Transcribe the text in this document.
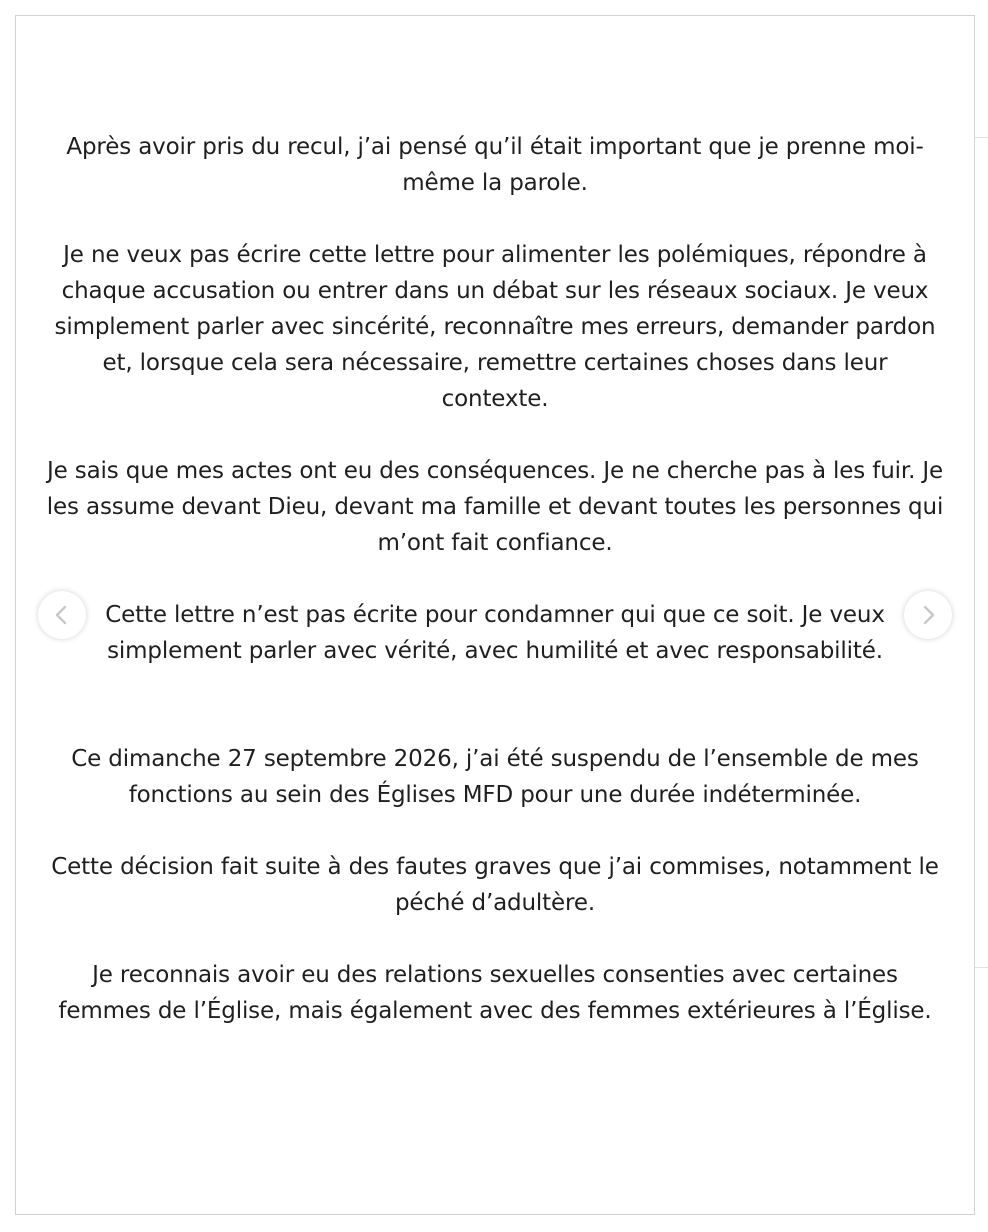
Après avoir pris du recul, j’ai pensé qu’il était important que je prenne moi-même la parole.

Je ne veux pas écrire cette lettre pour alimenter les polémiques, répondre à chaque accusation ou entrer dans un débat sur les réseaux sociaux. Je veux simplement parler avec sincérité, reconnaître mes erreurs, demander pardon et, lorsque cela sera nécessaire, remettre certaines choses dans leur contexte.

Je sais que mes actes ont eu des conséquences. Je ne cherche pas à les fuir. Je les assume devant Dieu, devant ma famille et devant toutes les personnes qui m’ont fait confiance.

Cette lettre n’est pas écrite pour condamner qui que ce soit. Je veux simplement parler avec vérité, avec humilité et avec responsabilité.

Ce dimanche 27 septembre 2026, j’ai été suspendu de l’ensemble de mes fonctions au sein des Églises MFD pour une durée indéterminée.

Cette décision fait suite à des fautes graves que j’ai commises, notamment le péché d’adultère.

Je reconnais avoir eu des relations sexuelles consenties avec certaines femmes de l’Église, mais également avec des femmes extérieures à l’Église.
